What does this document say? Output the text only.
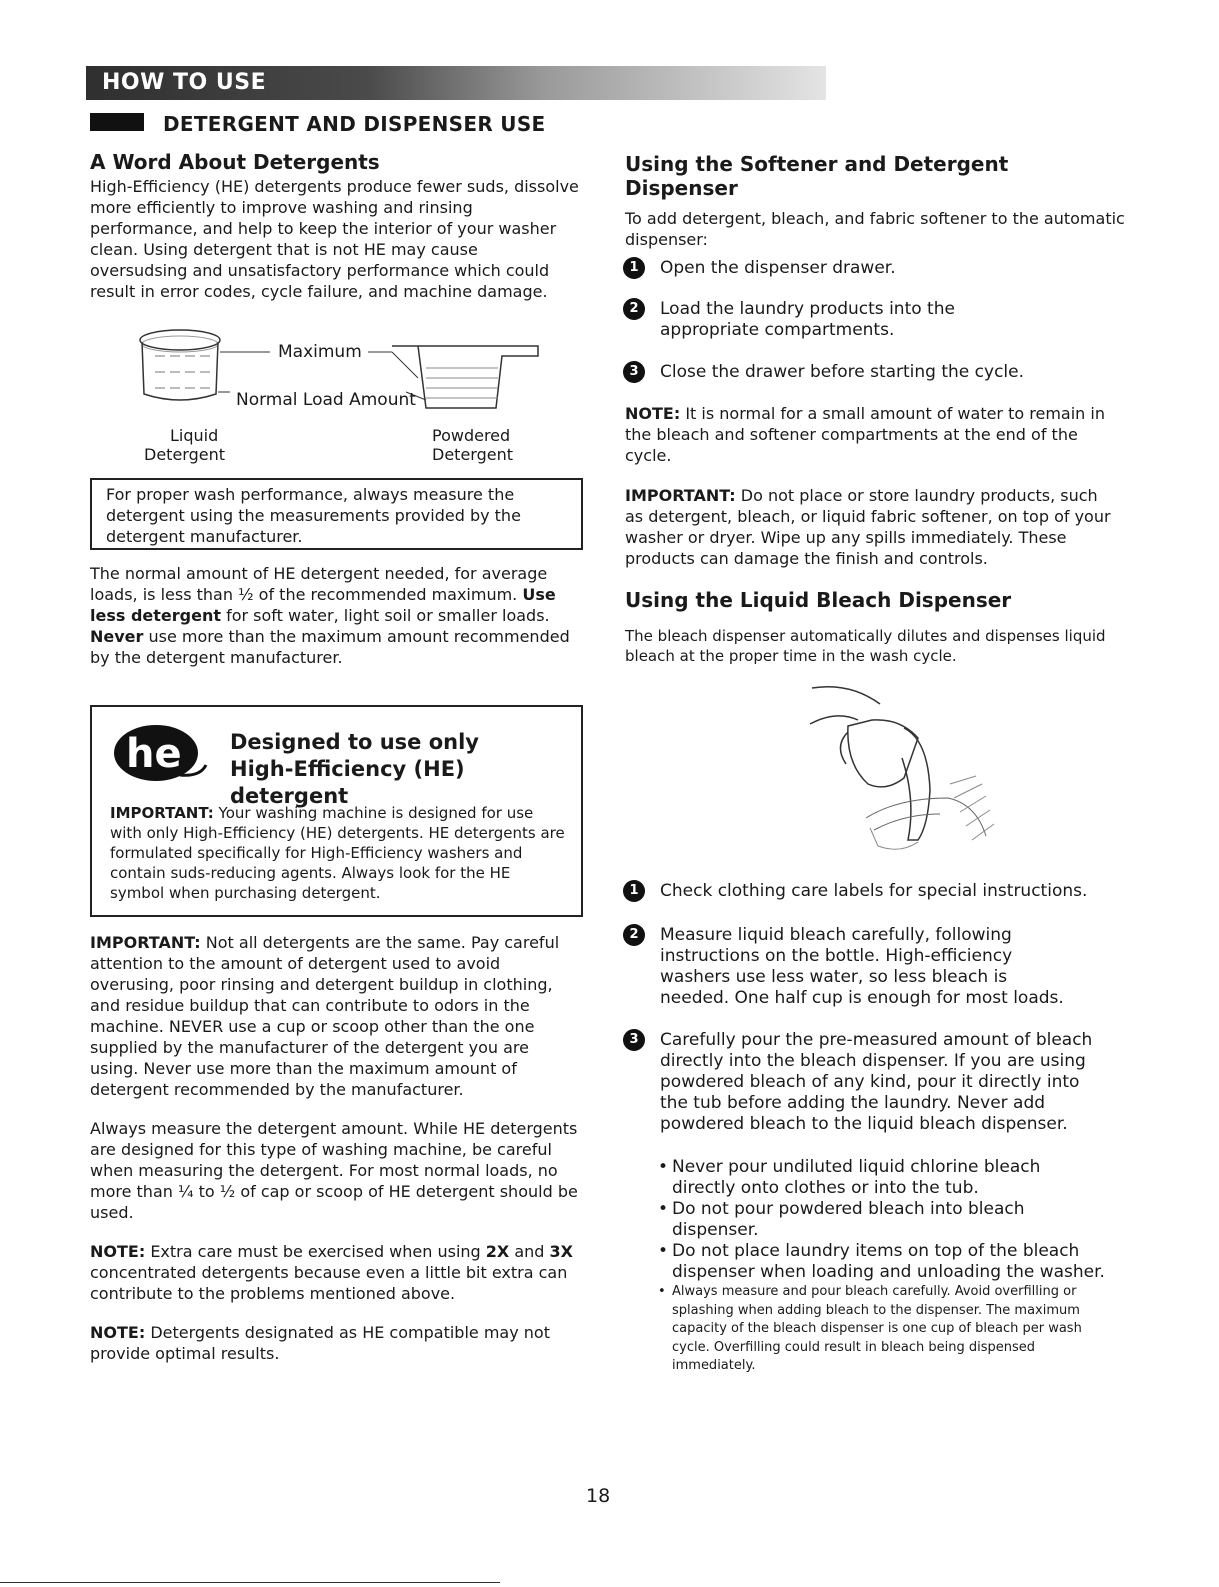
HOW TO USE
DETERGENT AND DISPENSER USE
A Word About Detergents

High-Efficiency (HE) detergents produce fewer suds, dissolve more efficiently to improve washing and rinsing performance, and help to keep the interior of your washer clean. Using detergent that is not HE may cause oversudsing and unsatisfactory performance which could result in error codes, cycle failure, and machine damage.

Maximum
Normal Load Amount
Liquid
Detergent
Powdered
Detergent

For proper wash performance, always measure the detergent using the measurements provided by the detergent manufacturer.

The normal amount of HE detergent needed, for average loads, is less than ½ of the recommended maximum. Use less detergent for soft water, light soil or smaller loads. Never use more than the maximum amount recommended by the detergent manufacturer.

he Designed to use only
High-Efficiency (HE) detergent

IMPORTANT: Your washing machine is designed for use with only High-Efficiency (HE) detergents. HE detergents are formulated specifically for High-Efficiency washers and contain suds-reducing agents. Always look for the HE symbol when purchasing detergent.

IMPORTANT: Not all detergents are the same. Pay careful attention to the amount of detergent used to avoid overusing, poor rinsing and detergent buildup in clothing, and residue buildup that can contribute to odors in the machine. NEVER use a cup or scoop other than the one supplied by the manufacturer of the detergent you are using. Never use more than the maximum amount of detergent recommended by the manufacturer.

Always measure the detergent amount. While HE detergents are designed for this type of washing machine, be careful when measuring the detergent. For most normal loads, no more than ¼ to ½ of cap or scoop of HE detergent should be used.

NOTE: Extra care must be exercised when using 2X and 3X concentrated detergents because even a little bit extra can contribute to the problems mentioned above.

NOTE: Detergents designated as HE compatible may not provide optimal results.

Using the Softener and Detergent Dispenser

To add detergent, bleach, and fabric softener to the automatic dispenser:

1	Open the dispenser drawer.
2	Load the laundry products into the appropriate compartments.
3	Close the drawer before starting the cycle.

NOTE: It is normal for a small amount of water to remain in the bleach and softener compartments at the end of the cycle.

IMPORTANT: Do not place or store laundry products, such as detergent, bleach, or liquid fabric softener, on top of your washer or dryer. Wipe up any spills immediately. These products can damage the finish and controls.

Using the Liquid Bleach Dispenser

The bleach dispenser automatically dilutes and dispenses liquid bleach at the proper time in the wash cycle.

1	Check clothing care labels for special instructions.
2	Measure liquid bleach carefully, following instructions on the bottle. High-efficiency washers use less water, so less bleach is needed. One half cup is enough for most loads.
3	Carefully pour the pre-measured amount of bleach directly into the bleach dispenser. If you are using powdered bleach of any kind, pour it directly into the tub before adding the laundry. Never add powdered bleach to the liquid bleach dispenser.
• Never pour undiluted liquid chlorine bleach directly onto clothes or into the tub.
• Do not pour powdered bleach into bleach dispenser.
• Do not place laundry items on top of the bleach dispenser when loading and unloading the washer.
• Always measure and pour bleach carefully. Avoid overfilling or splashing when adding bleach to the dispenser. The maximum capacity of the bleach dispenser is one cup of bleach per wash cycle. Overfilling could result in bleach being dispensed immediately.
18
